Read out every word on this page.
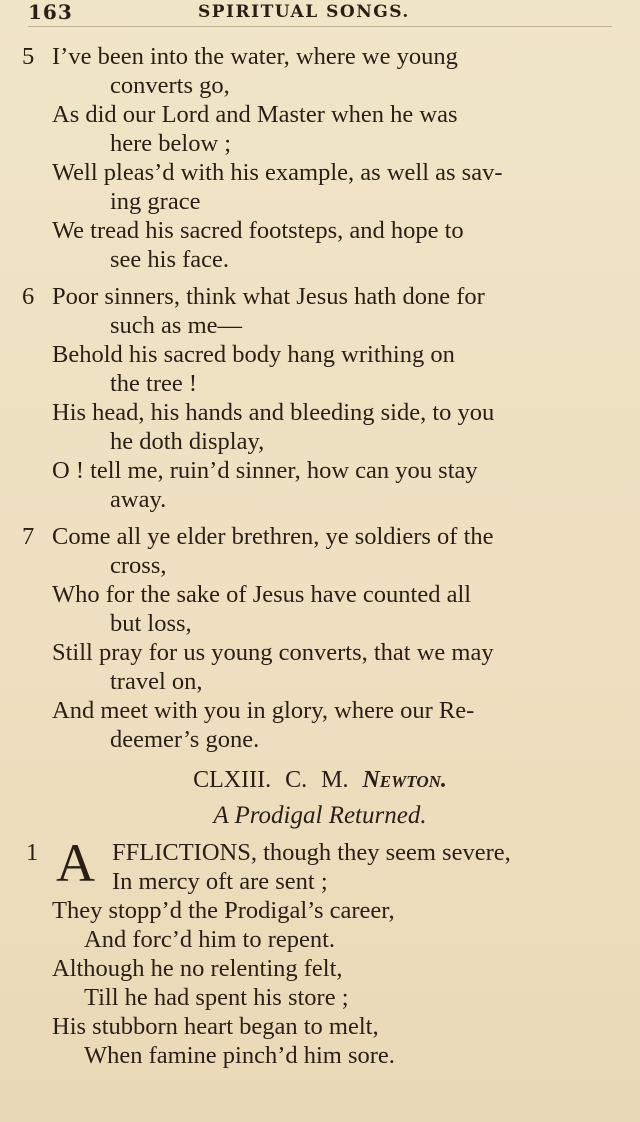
163	SPIRITUAL SONGS.
5 I’ve been into the water, where we young
converts go,
As did our Lord and Master when he was
here below ;
Well pleas’d with his example, as well as sav-
ing grace
We tread his sacred footsteps, and hope to
see his face.
6 Poor sinners, think what Jesus hath done for
such as me—
Behold his sacred body hang writhing on
the tree !
His head, his hands and bleeding side, to you
he doth display,
O ! tell me, ruin’d sinner, how can you stay
away.
7 Come all ye elder brethren, ye soldiers of the
cross,
Who for the sake of Jesus have counted all
but loss,
Still pray for us young converts, that we may
travel on,
And meet with you in glory, where our Re-
deemer’s gone.
CLXIII. C. M. Newton.
A Prodigal Returned.
1 A FFLICTIONS, though they seem severe,
In mercy oft are sent ;
They stopp’d the Prodigal’s career,
And forc’d him to repent.
Although he no relenting felt,
Till he had spent his store ;
His stubborn heart began to melt,
When famine pinch’d him sore.
